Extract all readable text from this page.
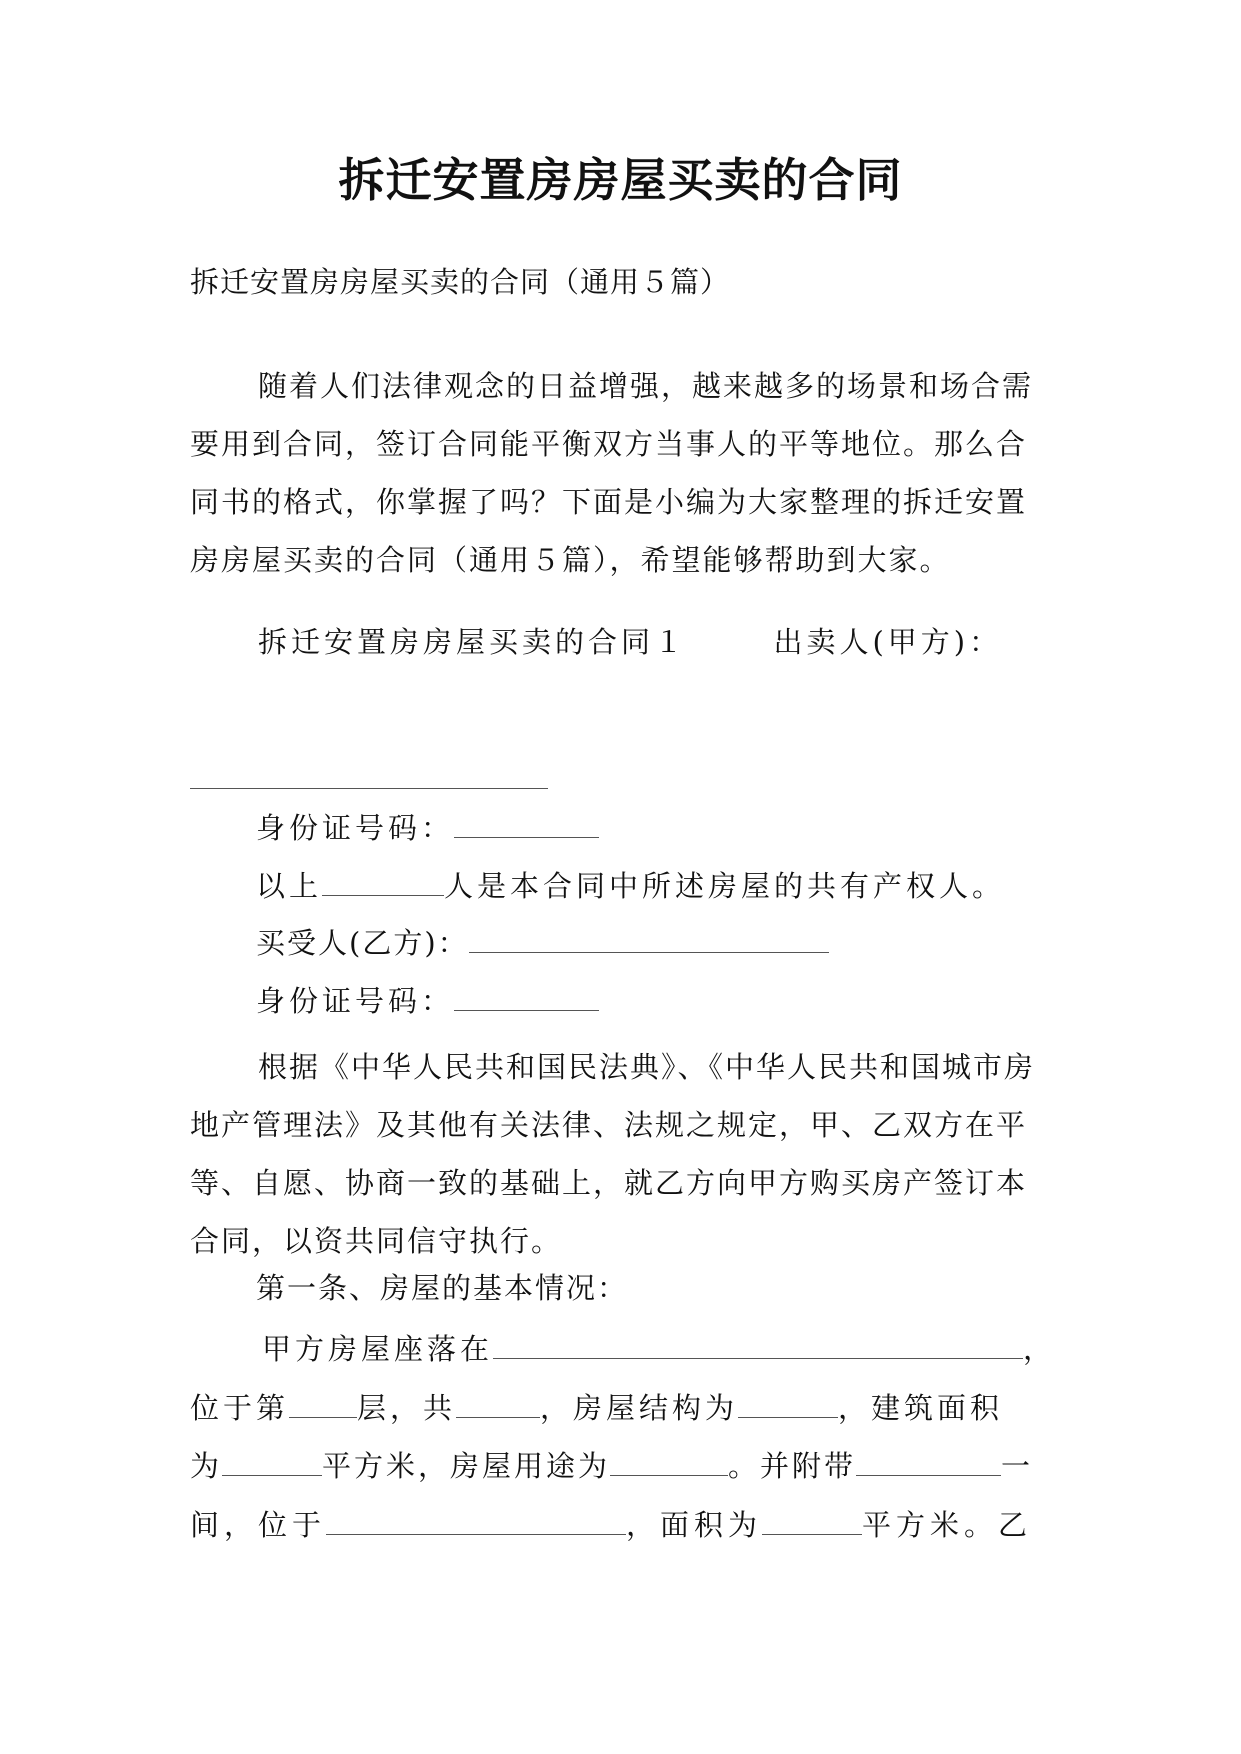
拆迁安置房房屋买卖的合同

拆迁安置房房屋买卖的合同（通用５篇）

随着人们法律观念的日益增强，越来越多的场景和场合需要用到合同，签订合同能平衡双方当事人的平等地位。那么合同书的格式，你掌握了吗？下面是小编为大家整理的拆迁安置房房屋买卖的合同（通用５篇），希望能够帮助到大家。

拆迁安置房房屋买卖的合同１	出卖人(甲方)：
身份证号码：
以上	人是本合同中所述房屋的共有产权人。
买受人(乙方)：
身份证号码：

根据《中华人民共和国民法典》、《中华人民共和国城市房地产管理法》及其他有关法律、法规之规定，甲、乙双方在平等、自愿、协商一致的基础上，就乙方向甲方购买房产签订本合同，以资共同信守执行。

第一条、房屋的基本情况：

甲方房屋座落在	，
位于第 层，共	，房屋结构为	，建筑面积
为	平方米，房屋用途为	。并附带	一
间，位于	，面积为	平方米。乙
